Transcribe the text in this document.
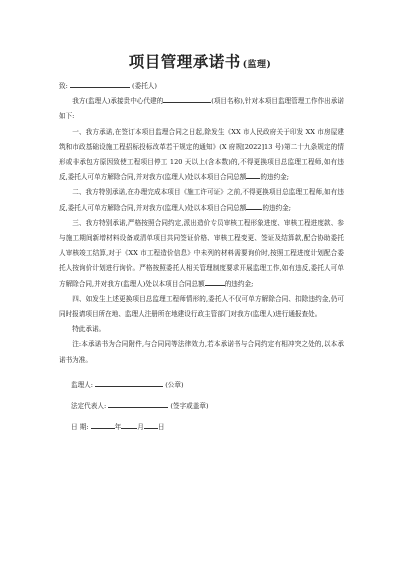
项目管理承诺书 (监理)

致:	(委托人)

我方(监理人)承接贵中心代建的	(项目名称),针对本项目监理管理工作作出承诺如下:

一、我方承诺,在签订本项目监理合同之日起,除发生《XX 市人民政府关于印发 XX 市房屋建筑和市政基础设施工程招标投标改革若干规定的通知》(X 府规[2022]13 号)第二十九条规定的情形或非承包方原因致使工程项目停工 120 天以上(含本数)的,不得更换项目总监理工程师,如有违反,委托人可单方解除合同,并对我方(监理人)处以本项目合同总额 的违约金;

二、我方特别承诺,在办理完成本项目《施工许可证》之前,不得更换项目总监理工程师,如有违反,委托人可单方解除合同,并对我方(监理人)处以本项目合同总额 的违约金;

三、我方特别承诺,严格按照合同约定,派出造价专员审核工程形象进度、审核工程进度款、参与施工期间新增材料设备或清单项目共同签证价格、审核工程变更、签证及结算款,配合协助委托人审核竣工结算,对于《XX 市工程造价信息》中未列的材料需要询价时,按照工程进度计划配合委托人按询价计划进行询价。严格按照委托人相关管理制度要求开展监理工作,如有违反,委托人可单方解除合同,并对我方(监理人)处以本项目合同总额	的违约金;

四、如发生上述更换项目总监理工程师情形的,委托人不仅可单方解除合同、扣除违约金,仍可同时报请项目所在地、监理人注册所在地建设行政主管部门对我方(监理人)进行通报查处。

特此承诺。

注:本承诺书为合同附件,与合同同等法律效力,若本承诺书与合同约定有相冲突之处的,以本承诺书为准。

监理人:	(公章)
法定代表人:	(签字或盖章)
日 期:	年 月 日
